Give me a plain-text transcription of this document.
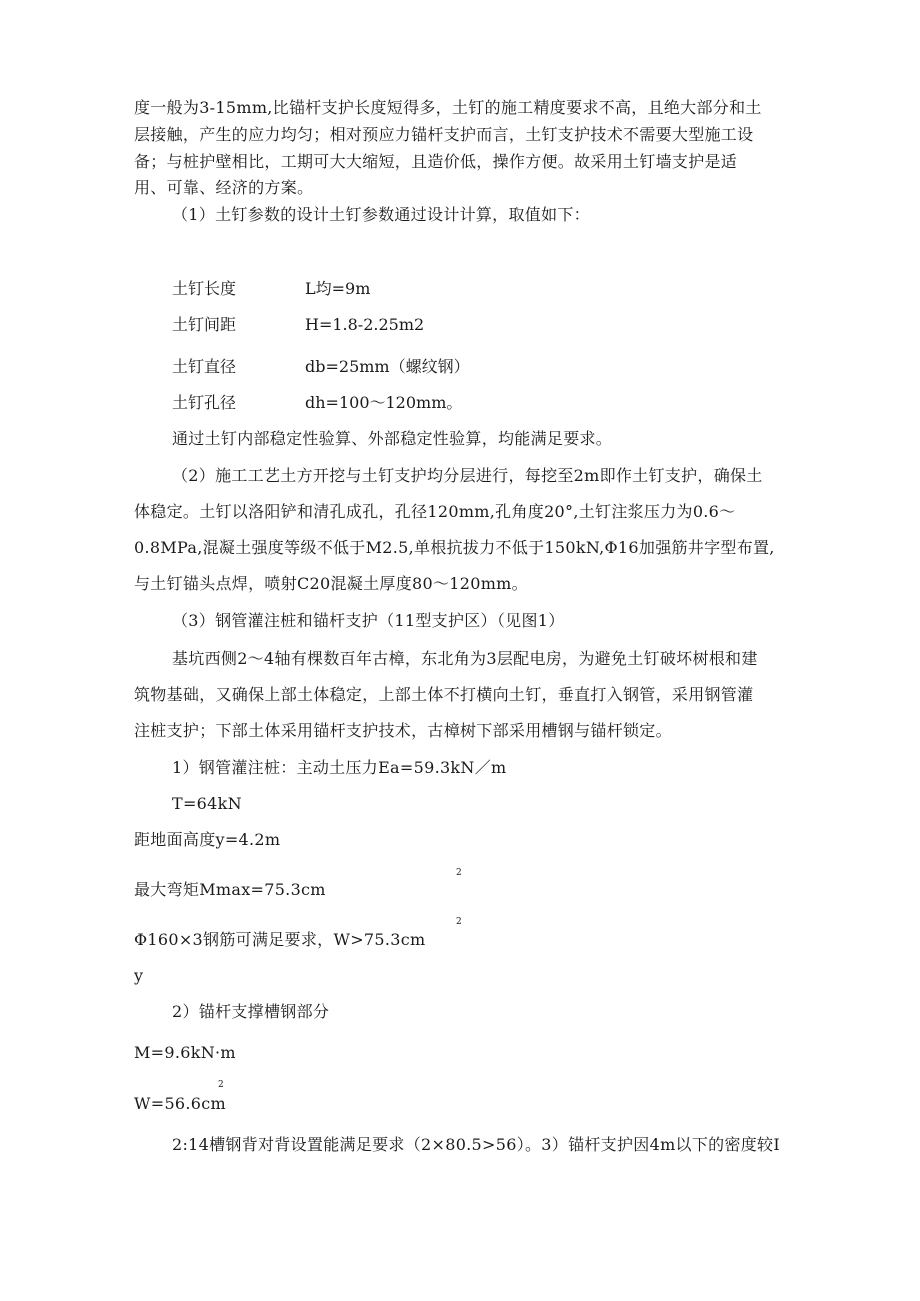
度一般为3-15mm,比锚杆支护长度短得多，土钉的施工精度要求不高，且绝大部分和土
层接触，产生的应力均匀；相对预应力锚杆支护而言，土钉支护技术不需要大型施工设
备；与桩护壁相比，工期可大大缩短，且造价低，操作方便。故采用土钉墙支护是适
用、可靠、经济的方案。
（1）土钉参数的设计土钉参数通过设计计算，取值如下：
土钉长度	L均=9m
土钉间距	H=1.8-2.25m2
土钉直径	db=25mm（螺纹钢）
土钉孔径	dh=100～120mm。
通过土钉内部稳定性验算、外部稳定性验算，均能满足要求。
（2）施工工艺土方开挖与土钉支护均分层进行，每挖至2m即作土钉支护，确保土
体稳定。土钉以洛阳铲和清孔成孔，孔径120mm,孔角度20°,土钉注浆压力为0.6～
0.8MPa,混凝土强度等级不低于M2.5,单根抗拔力不低于150kN,Φ16加强筋井字型布置,
与土钉锚头点焊，喷射C20混凝土厚度80～120mm。
（3）钢管灌注桩和锚杆支护（11型支护区）（见图1）
基坑西侧2～4轴有棵数百年古樟，东北角为3层配电房，为避免土钉破坏树根和建
筑物基础，又确保上部土体稳定，上部土体不打横向土钉，垂直打入钢管，采用钢管灌
注桩支护；下部土体采用锚杆支护技术，古樟树下部采用槽钢与锚杆锁定。
1）钢管灌注桩：主动土压力Ea=59.3kN／m
T=64kN
距地面高度y=4.2m
2
最大弯矩Mmax=75.3cm
2
Φ160×3钢筋可满足要求，W>75.3cm
y
2）锚杆支撑槽钢部分
M=9.6kN·m
2
W=56.6cm
2:14槽钢背对背设置能满足要求（2×80.5>56）。3）锚杆支护因4m以下的密度较I
